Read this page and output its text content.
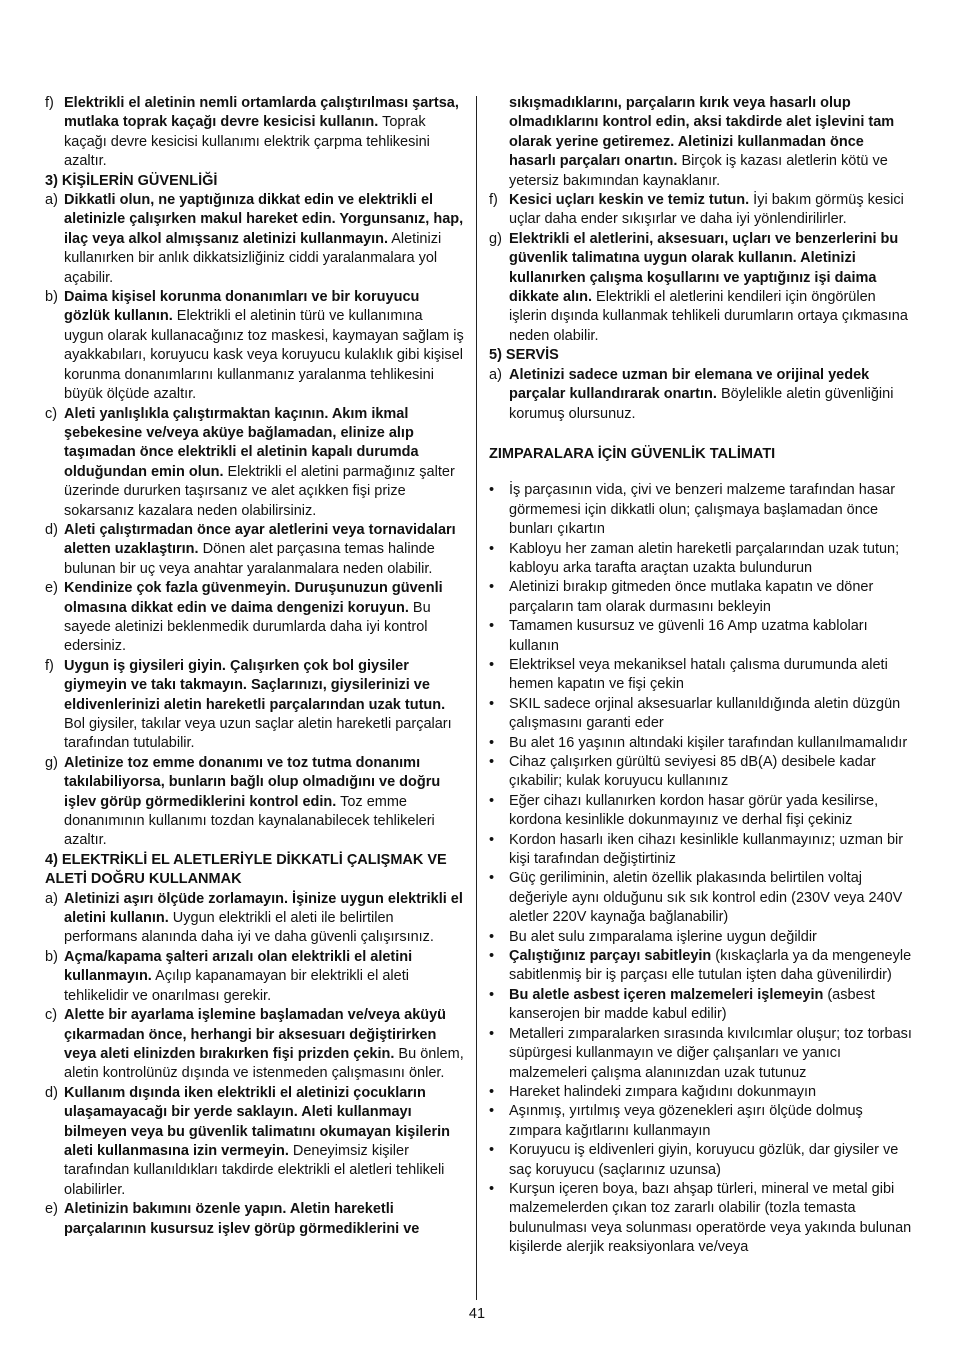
f) Elektrikli el aletinin nemli ortamlarda çalıştırılması şartsa, mutlaka toprak kaçağı devre kesicisi kullanın. Toprak kaçağı devre kesicisi kullanımı elektrik çarpma tehlikesini azaltır.
3) KİŞİLERİN GÜVENLİĞİ
a) Dikkatli olun, ne yaptığınıza dikkat edin ve elektrikli el aletinizle çalışırken makul hareket edin. Yorgunsanız, hap, ilaç veya alkol almışsanız aletinizi kullanmayın. Aletinizi kullanırken bir anlık dikkatsizliğiniz ciddi yaralanmalara yol açabilir.
b) Daima kişisel korunma donanımları ve bir koruyucu gözlük kullanın. Elektrikli el aletinin türü ve kullanımına uygun olarak kullanacağınız toz maskesi, kaymayan sağlam iş ayakkabıları, koruyucu kask veya koruyucu kulaklık gibi kişisel korunma donanımlarını kullanmanız yaralanma tehlikesini büyük ölçüde azaltır.
c) Aleti yanlışlıkla çalıştırmaktan kaçının. Akım ikmal şebekesine ve/veya aküye bağlamadan, elinize alıp taşımadan önce elektrikli el aletinin kapalı durumda olduğundan emin olun. Elektrikli el aletini parmağınız şalter üzerinde dururken taşırsanız ve alet açıkken fişi prize sokarsanız kazalara neden olabilirsiniz.
d) Aleti çalıştırmadan önce ayar aletlerini veya tornavidaları aletten uzaklaştırın. Dönen alet parçasına temas halinde bulunan bir uç veya anahtar yaralanmalara neden olabilir.
e) Kendinize çok fazla güvenmeyin. Duruşunuzun güvenli olmasına dikkat edin ve daima dengenizi koruyun. Bu sayede aletinizi beklenmedik durumlarda daha iyi kontrol edersiniz.
f) Uygun iş giysileri giyin. Çalışırken çok bol giysiler giymeyin ve takı takmayın. Saçlarınızı, giysilerinizi ve eldivenlerinizi aletin hareketli parçalarından uzak tutun. Bol giysiler, takılar veya uzun saçlar aletin hareketli parçaları tarafından tutulabilir.
g) Aletinize toz emme donanımı ve toz tutma donanımı takılabiliyorsa, bunların bağlı olup olmadığını ve doğru işlev görüp görmediklerini kontrol edin. Toz emme donanımının kullanımı tozdan kaynalanabilecek tehlikeleri azaltır.
4) ELEKTRİKLİ EL ALETLERİYLE DİKKATLİ ÇALIŞMAK VE ALETİ DOĞRU KULLANMAK
a) Aletinizi aşırı ölçüde zorlamayın. İşinize uygun elektrikli el aletini kullanın. Uygun elektrikli el aleti ile belirtilen performans alanında daha iyi ve daha güvenli çalışırsınız.
b) Açma/kapama şalteri arızalı olan elektrikli el aletini kullanmayın. Açılıp kapanamayan bir elektrikli el aleti tehlikelidir ve onarılması gerekir.
c) Alette bir ayarlama işlemine başlamadan ve/veya aküyü çıkarmadan önce, herhangi bir aksesuarı değiştirirken veya aleti elinizden bırakırken fişi prizden çekin. Bu önlem, aletin kontrolünüz dışında ve istenmeden çalışmasını önler.
d) Kullanım dışında iken elektrikli el aletinizi çocukların ulaşamayacağı bir yerde saklayın. Aleti kullanmayı bilmeyen veya bu güvenlik talimatını okumayan kişilerin aleti kullanmasına izin vermeyin. Deneyimsiz kişiler tarafından kullanıldıkları takdirde elektrikli el aletleri tehlikeli olabilirler.
e) Aletinizin bakımını özenle yapın. Aletin hareketli parçalarının kusursuz işlev görüp görmediklerini ve
sıkışmadıklarını, parçaların kırık veya hasarlı olup olmadıklarını kontrol edin, aksi takdirde alet işlevini tam olarak yerine getiremez. Aletinizi kullanmadan önce hasarlı parçaları onartın. Birçok iş kazası aletlerin kötü ve yetersiz bakımından kaynaklanır.
f) Kesici uçları keskin ve temiz tutun. İyi bakım görmüş kesici uçlar daha ender sıkışırlar ve daha iyi yönlendirilirler.
g) Elektrikli el aletlerini, aksesuarı, uçları ve benzerlerini bu güvenlik talimatına uygun olarak kullanın. Aletinizi kullanırken çalışma koşullarını ve yaptığınız işi daima dikkate alın. Elektrikli el aletlerini kendileri için öngörülen işlerin dışında kullanmak tehlikeli durumların ortaya çıkmasına neden olabilir.
5) SERVİS
a) Aletinizi sadece uzman bir elemana ve orijinal yedek parçalar kullandırarak onartın. Böylelikle aletin güvenliğini korumuş olursunuz.
ZIMPARALARA İÇİN GÜVENLİK TALİMATI
•	İş parçasının vida, çivi ve benzeri malzeme tarafından hasar görmemesi için dikkatli olun; çalışmaya başlamadan önce bunları çıkartın
•	Kabloyu her zaman aletin hareketli parçalarından uzak tutun; kabloyu arka tarafta araçtan uzakta bulundurun
•	Aletinizi bırakıp gitmeden önce mutlaka kapatın ve döner parçaların tam olarak durmasını bekleyin
•	Tamamen kusursuz ve güvenli 16 Amp uzatma kabloları kullanın
•	Elektriksel veya mekaniksel hatalı çalısma durumunda aleti hemen kapatın ve fişi çekin
•	SKIL sadece orjinal aksesuarlar kullanıldığında aletin düzgün çalışmasını garanti eder
•	Bu alet 16 yaşının altındaki kişiler tarafından kullanılmamalıdır
•	Cihaz çalışırken gürültü seviyesi 85 dB(A) desibele kadar çıkabilir; kulak koruyucu kullanınız
•	Eğer cihazı kullanırken kordon hasar görür yada kesilirse, kordona kesinlikle dokunmayınız ve derhal fişi çekiniz
•	Kordon hasarlı iken cihazı kesinlikle kullanmayınız; uzman bir kişi tarafından değiştirtiniz
•	Güç geriliminin, aletin özellik plakasında belirtilen voltaj değeriyle aynı olduğunu sık sık kontrol edin (230V veya 240V aletler 220V kaynağa bağlanabilir)
•	Bu alet sulu zımparalama işlerine uygun değildir
•	Çalıştığınız parçayı sabitleyin (kıskaçlarla ya da mengeneyle sabitlenmiş bir iş parçası elle tutulan işten daha güvenilirdir)
•	Bu aletle asbest içeren malzemeleri işlemeyin (asbest kanserojen bir madde kabul edilir)
•	Metalleri zımparalarken sırasında kıvılcımlar oluşur; toz torbası süpürgesi kullanmayın ve diğer çalışanları ve yanıcı malzemeleri çalışma alanınızdan uzak tutunuz
•	Hareket halindeki zımpara kağıdını dokunmayın
•	Aşınmış, yırtılmış veya gözenekleri aşırı ölçüde dolmuş zımpara kağıtlarını kullanmayın
•	Koruyucu iş eldivenleri giyin, koruyucu gözlük, dar giysiler ve saç koruyucu (saçlarınız uzunsa)
•	Kurşun içeren boya, bazı ahşap türleri, mineral ve metal gibi malzemelerden çıkan toz zararlı olabilir (tozla temasta bulunulması veya solunması operatörde veya yakında bulunan kişilerde alerjik reaksiyonlara ve/veya
41
